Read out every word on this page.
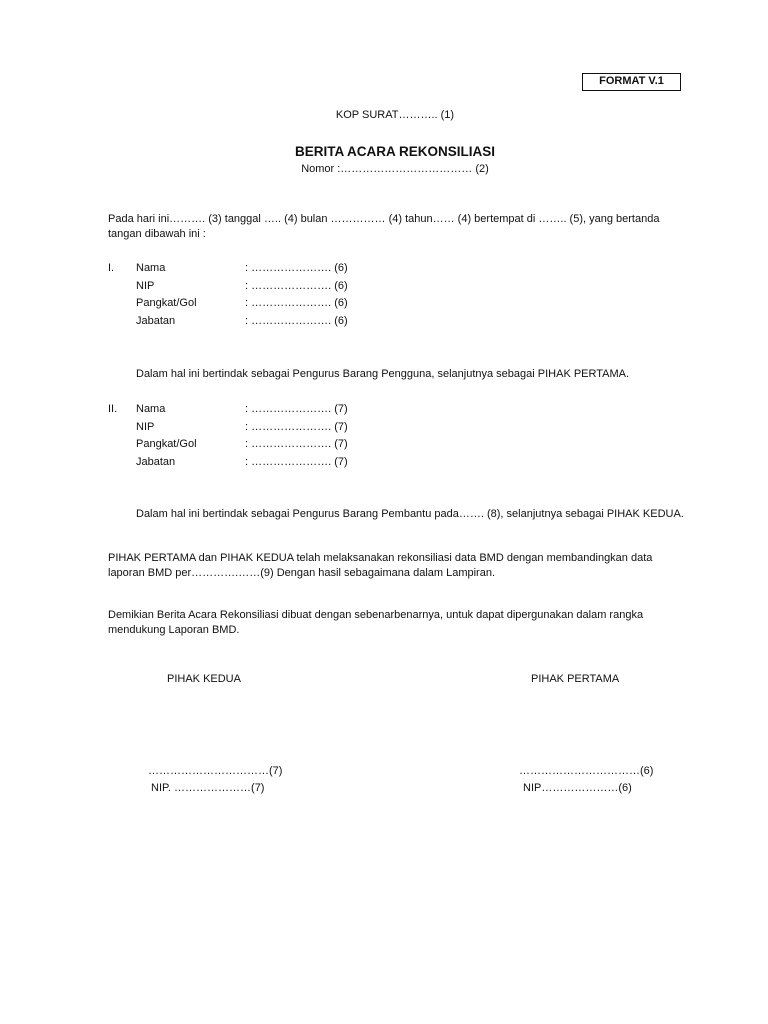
FORMAT V.1
KOP SURAT……….. (1)
BERITA ACARA REKONSILIASI
Nomor :……………………………… (2)
Pada hari ini………. (3) tanggal ….. (4) bulan …………… (4) tahun…… (4) bertempat di …….. (5), yang bertanda tangan dibawah ini :
I. Nama	: …………………. (6)
NIP	: …………………. (6)
Pangkat/Gol	: …………………. (6)
Jabatan	: …………………. (6)
Dalam hal ini bertindak sebagai Pengurus Barang Pengguna, selanjutnya sebagai PIHAK PERTAMA.
II. Nama	: …………………. (7)
NIP	: …………………. (7)
Pangkat/Gol	: …………………. (7)
Jabatan	: …………………. (7)
Dalam hal ini bertindak sebagai Pengurus Barang Pembantu pada……. (8), selanjutnya sebagai PIHAK KEDUA.
PIHAK PERTAMA dan PIHAK KEDUA telah melaksanakan rekonsiliasi data BMD dengan membandingkan data laporan BMD per………….……(9) Dengan hasil sebagaimana dalam Lampiran.
Demikian Berita Acara Rekonsiliasi dibuat dengan sebenarbenarnya, untuk dapat dipergunakan dalam rangka mendukung Laporan BMD.
PIHAK KEDUA	PIHAK PERTAMA
……………………………(7)
NIP. …………………(7)
……………………………(6)
NIP…………………(6)
